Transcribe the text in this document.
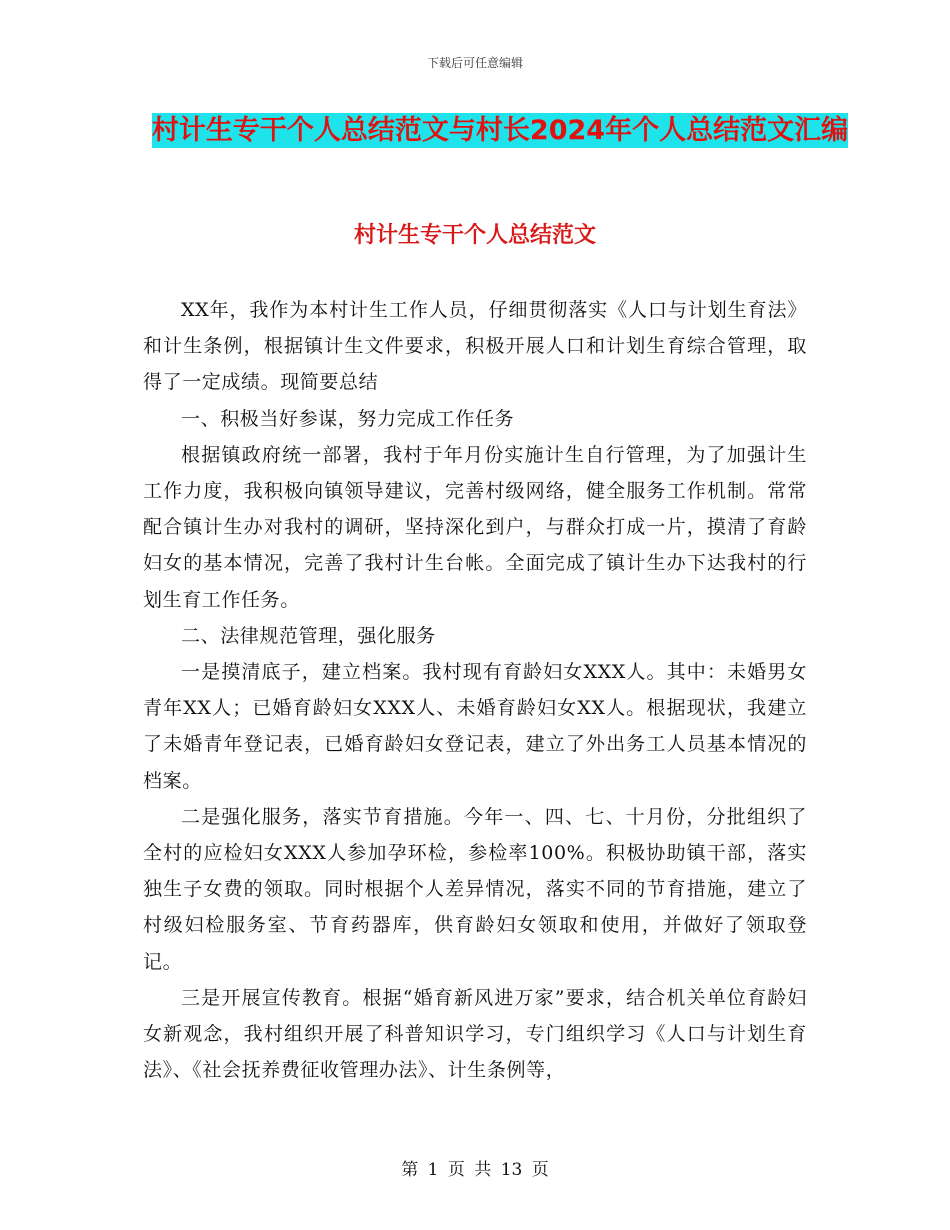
下载后可任意编辑
村计生专干个人总结范文与村长2024年个人总结范文汇编
村计生专干个人总结范文

XX年，我作为本村计生工作人员，仔细贯彻落实《人口与计划生育法》和计生条例，根据镇计生文件要求，积极开展人口和计划生育综合管理，取得了一定成绩。现简要总结

一、积极当好参谋，努力完成工作任务

根据镇政府统一部署，我村于年月份实施计生自行管理，为了加强计生工作力度，我积极向镇领导建议，完善村级网络，健全服务工作机制。常常配合镇计生办对我村的调研，坚持深化到户，与群众打成一片，摸清了育龄妇女的基本情况，完善了我村计生台帐。全面完成了镇计生办下达我村的行划生育工作任务。

二、法律规范管理，强化服务

一是摸清底子，建立档案。我村现有育龄妇女XXX人。其中：未婚男女青年XX人；已婚育龄妇女XXX人、未婚育龄妇女XX人。根据现状，我建立了未婚青年登记表，已婚育龄妇女登记表，建立了外出务工人员基本情况的档案。

二是强化服务，落实节育措施。今年一、四、七、十月份，分批组织了全村的应检妇女XXX人参加孕环检，参检率100%。积极协助镇干部，落实独生子女费的领取。同时根据个人差异情况，落实不同的节育措施，建立了村级妇检服务室、节育药器库，供育龄妇女领取和使用，并做好了领取登记。

三是开展宣传教育。根据“婚育新风进万家”要求，结合机关单位育龄妇女新观念，我村组织开展了科普知识学习，专门组织学习《人口与计划生育法》、《社会抚养费征收管理办法》、计生条例等，

第 1 页 共 13 页
